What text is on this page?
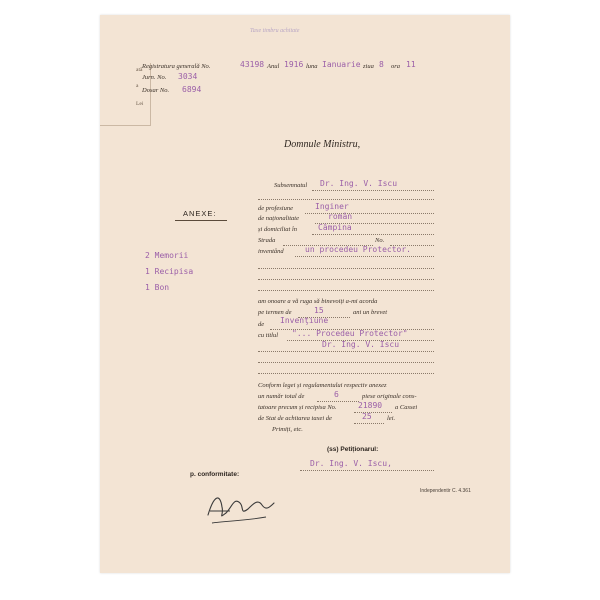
Taxe timbru achitate
ată
a
Lei
Registratura generală No.	43198 Anul 1916 luna Ianuarie ziua 8 ora 11
Jurn. No. 3034
Dosar No. 6894
Domnule Ministru,
ANEXE:
2 Memorii
1 Recipisa
1 Bon
Subsemnatul Dr. Ing. V. Iscu
de profesiune	Inginer
de naționalitate	român
și domiciliat în	Câmpina
Strada	No.
inventând	un procedeu Protector.
am onoare a vă ruga să binevoiți a-mi acorda
pe termen de	15	ani un brevet
de Invenţiune
cu titlul "... Procedeu Protector"
Dr. Ing. V. Iscu
Conform legei și regulamentului respectiv anexez
un număr total de	6	piese originale cons-
tatoare precum și recipisa No.	21890 a Cassei
de Stat de achitarea taxei de	25 lei.
Primiți, etc.
(ss) Petiționarul:
Dr. Ing. V. Iscu,
p. conformitate:
Independentir C. 4.361
